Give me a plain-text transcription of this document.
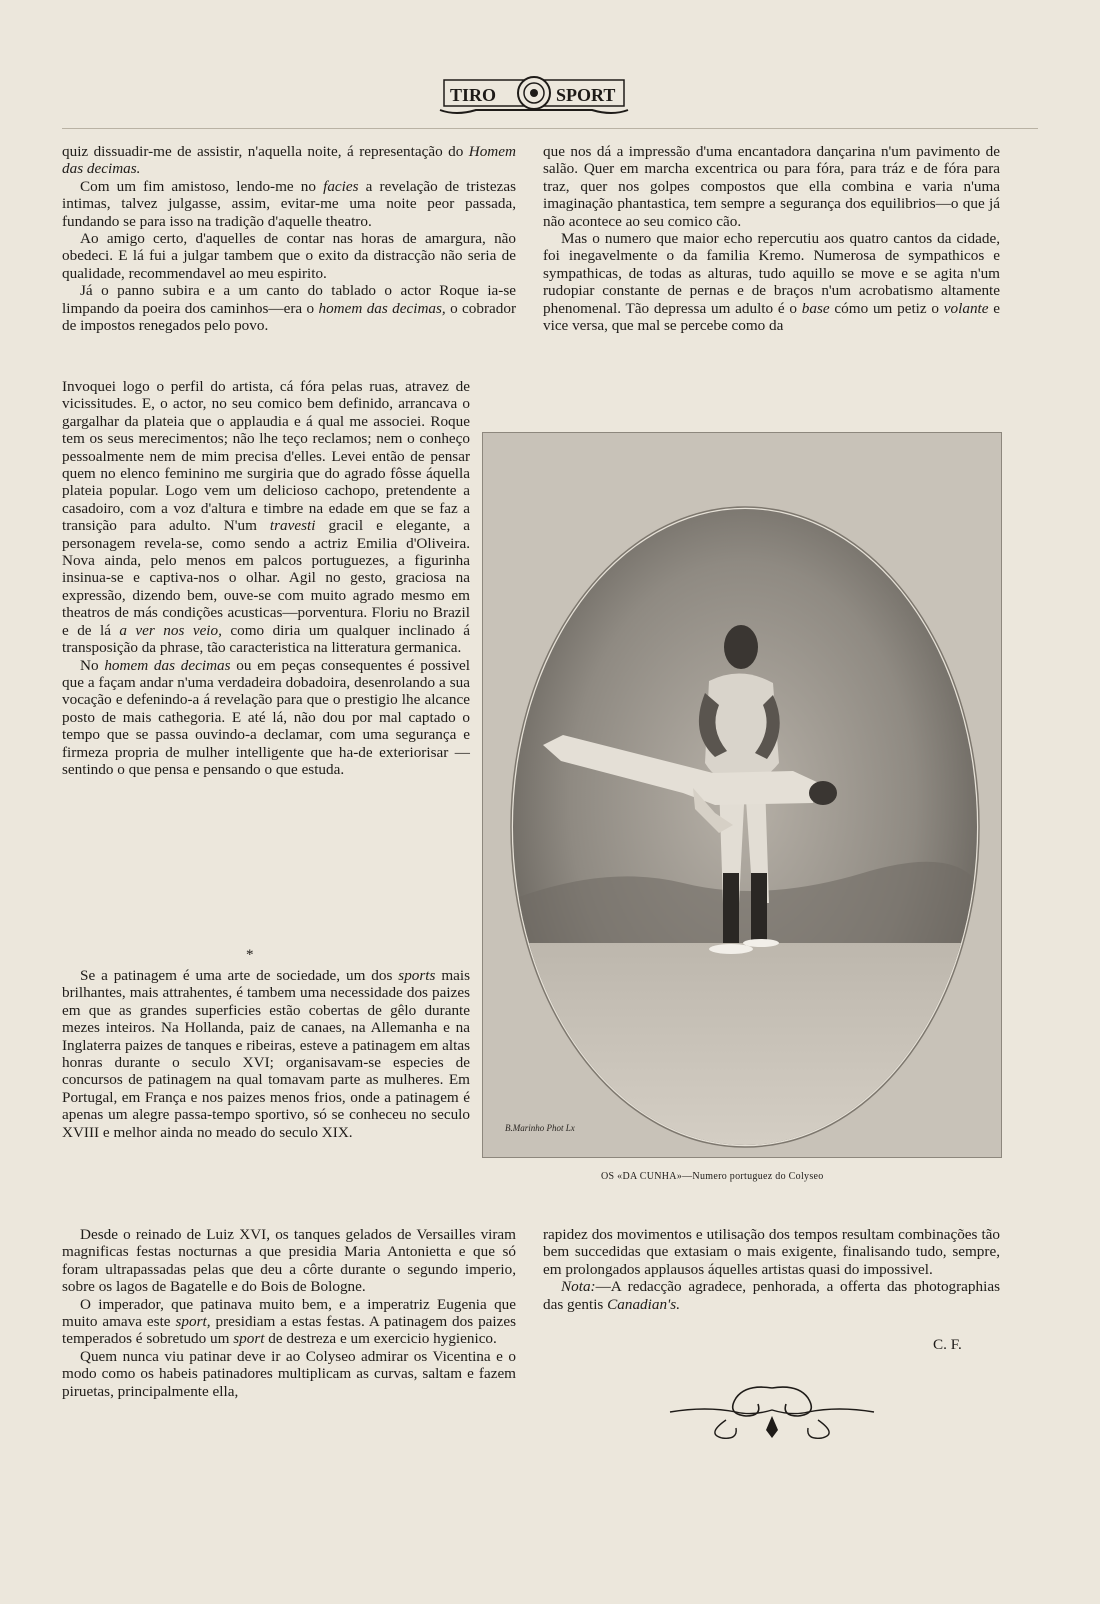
TIRO	SPORT

quiz dissuadir-me de assistir, n'aquella noite, á representação do Homem das decimas.

Com um fim amistoso, lendo-me no facies a revelação de tristezas intimas, talvez julgasse, assim, evitar-me uma noite peor passada, fundando se para isso na tradição d'aquelle theatro.

Ao amigo certo, d'aquelles de contar nas horas de amargura, não obedeci. E lá fui a julgar tambem que o exito da distracção não seria de qualidade, recommendavel ao meu espirito.

Já o panno subira e a um canto do tablado o actor Roque ia-se limpando da poeira dos caminhos—era o homem das decimas, o cobrador de impostos renegados pelo povo.

Invoquei logo o perfil do artista, cá fóra pelas ruas, atravez de vicissitudes. E, o actor, no seu comico bem definido, arrancava o gargalhar da plateia que o applaudia e á qual me associei. Roque tem os seus merecimentos; não lhe teço reclamos; nem o conheço pessoalmente nem de mim precisa d'elles. Levei então de pensar quem no elenco feminino me surgiria que do agrado fôsse áquella plateia popular. Logo vem um delicioso cachopo, pretendente a casadoiro, com a voz d'altura e timbre na edade em que se faz a transição para adulto. N'um travesti gracil e elegante, a personagem revela-se, como sendo a actriz Emilia d'Oliveira. Nova ainda, pelo menos em palcos portuguezes, a figurinha insinua-se e captiva-nos o olhar. Agil no gesto, graciosa na expressão, dizendo bem, ouve-se com muito agrado mesmo em theatros de más condições acusticas—porventura. Floriu no Brazil e de lá a ver nos veio, como diria um qualquer inclinado á transposição da phrase, tão caracteristica na litteratura germanica.

No homem das decimas ou em peças consequentes é possivel que a façam andar n'uma verdadeira dobadoira, desenrolando a sua vocação e defenindo-a á revelação para que o prestigio lhe alcance posto de mais cathegoria. E até lá, não dou por mal captado o tempo que se passa ouvindo-a declamar, com uma segurança e firmeza propria de mulher intelligente que ha-de exteriorisar —sentindo o que pensa e pensando o que estuda.

*

Se a patinagem é uma arte de sociedade, um dos sports mais brilhantes, mais attrahentes, é tambem uma necessidade dos paizes em que as grandes superficies estão cobertas de gêlo durante mezes inteiros. Na Hollanda, paiz de canaes, na Allemanha e na Inglaterra paizes de tanques e ribeiras, esteve a patinagem em altas honras durante o seculo XVI; organisavam-se especies de concursos de patinagem na qual tomavam parte as mulheres. Em Portugal, em França e nos paizes menos frios, onde a patinagem é apenas um alegre passa-tempo sportivo, só se conheceu no seculo XVIII e melhor ainda no meado do seculo XIX.

Desde o reinado de Luiz XVI, os tanques gelados de Versailles viram magnificas festas nocturnas a que presidia Maria Antonietta e que só foram ultrapassadas pelas que deu a côrte durante o segundo imperio, sobre os lagos de Bagatelle e do Bois de Bologne.

O imperador, que patinava muito bem, e a imperatriz Eugenia que muito amava este sport, presidiam a estas festas. A patinagem dos paizes temperados é sobretudo um sport de destreza e um exercicio hygienico.

Quem nunca viu patinar deve ir ao Colyseo admirar os Vicentina e o modo como os habeis patinadores multiplicam as curvas, saltam e fazem piruetas, principalmente ella,

que nos dá a impressão d'uma encantadora dançarina n'um pavimento de salão. Quer em marcha excentrica ou para fóra, para tráz e de fóra para traz, quer nos golpes compostos que ella combina e varia n'uma imaginação phantastica, tem sempre a segurança dos equilibrios—o que já não acontece ao seu comico cão.

Mas o numero que maior echo repercutiu aos quatro cantos da cidade, foi inegavelmente o da familia Kremo. Numerosa de sympathicos e sympathicas, de todas as alturas, tudo aquillo se move e se agita n'um rudopiar constante de pernas e de braços n'um acrobatismo altamente phenomenal. Tão depressa um adulto é o base cómo um petiz o volante e vice versa, que mal se percebe como da

B.Marinho Phot Lx
OS «DA CUNHA»—Numero portuguez do Colyseo

rapidez dos movimentos e utilisação dos tempos resultam combinações tão bem succedidas que extasiam o mais exigente, finalisando tudo, sempre, em prolongados applausos áquelles artistas quasi do impossivel.

Nota:—A redacção agradece, penhorada, a offerta das photographias das gentis Canadian's.

C. F.
